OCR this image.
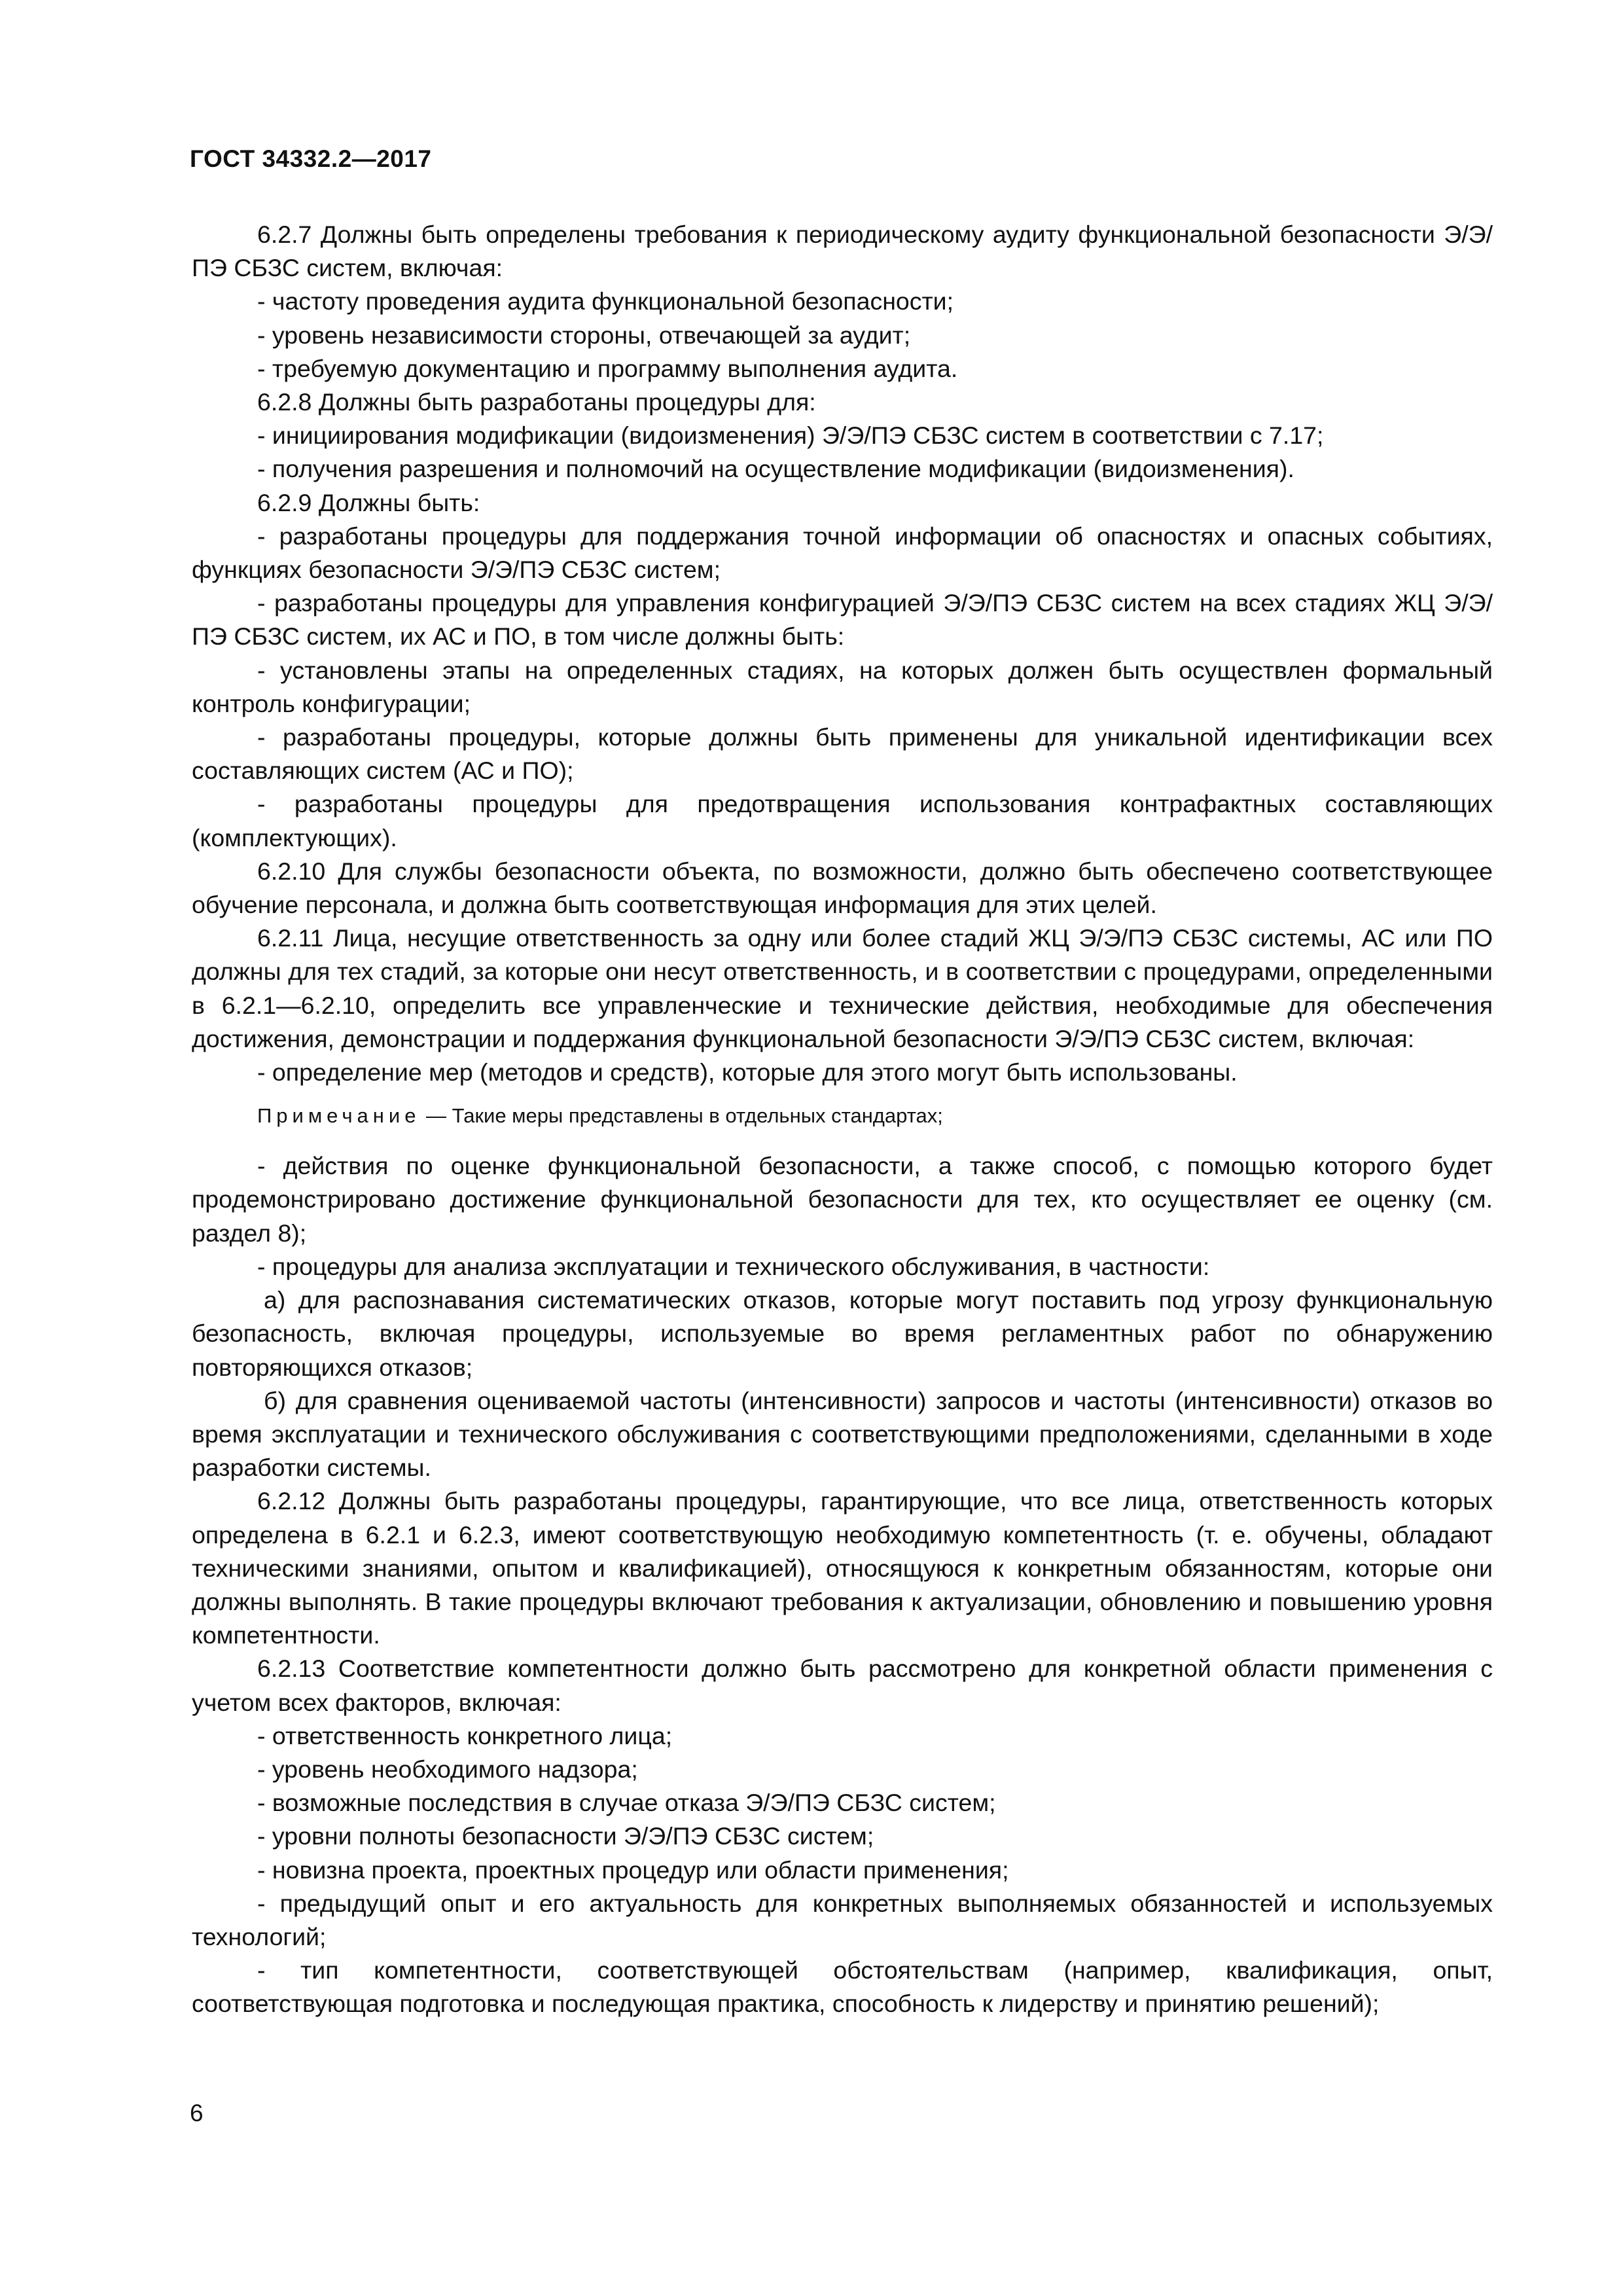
ГОСТ 34332.2—2017

6.2.7 Должны быть определены требования к периодическому аудиту функциональной безопасности Э/Э/ПЭ СБЗС систем, включая:

- частоту проведения аудита функциональной безопасности;

- уровень независимости стороны, отвечающей за аудит;

- требуемую документацию и программу выполнения аудита.

6.2.8 Должны быть разработаны процедуры для:

- инициирования модификации (видоизменения) Э/Э/ПЭ СБЗС систем в соответствии с 7.17;

- получения разрешения и полномочий на осуществление модификации (видоизменения).

6.2.9 Должны быть:

- разработаны процедуры для поддержания точной информации об опасностях и опасных событиях, функциях безопасности Э/Э/ПЭ СБЗС систем;

- разработаны процедуры для управления конфигурацией Э/Э/ПЭ СБЗС систем на всех стадиях ЖЦ Э/Э/ПЭ СБЗС систем, их АС и ПО, в том числе должны быть:

- установлены этапы на определенных стадиях, на которых должен быть осуществлен формальный контроль конфигурации;

- разработаны процедуры, которые должны быть применены для уникальной идентификации всех составляющих систем (АС и ПО);

- разработаны процедуры для предотвращения использования контрафактных составляющих (комплектующих).

6.2.10 Для службы безопасности объекта, по возможности, должно быть обеспечено соответствующее обучение персонала, и должна быть соответствующая информация для этих целей.

6.2.11 Лица, несущие ответственность за одну или более стадий ЖЦ Э/Э/ПЭ СБЗС системы, АС или ПО должны для тех стадий, за которые они несут ответственность, и в соответствии с процедурами, определенными в 6.2.1—6.2.10, определить все управленческие и технические действия, необходимые для обеспечения достижения, демонстрации и поддержания функциональной безопасности Э/Э/ПЭ СБЗС систем, включая:

- определение мер (методов и средств), которые для этого могут быть использованы.

Примечание — Такие меры представлены в отдельных стандартах;

- действия по оценке функциональной безопасности, а также способ, с помощью которого будет продемонстрировано достижение функциональной безопасности для тех, кто осуществляет ее оценку (см. раздел 8);

- процедуры для анализа эксплуатации и технического обслуживания, в частности:

а) для распознавания систематических отказов, которые могут поставить под угрозу функциональную безопасность, включая процедуры, используемые во время регламентных работ по обнаружению повторяющихся отказов;

б) для сравнения оцениваемой частоты (интенсивности) запросов и частоты (интенсивности) отказов во время эксплуатации и технического обслуживания с соответствующими предположениями, сделанными в ходе разработки системы.

6.2.12 Должны быть разработаны процедуры, гарантирующие, что все лица, ответственность которых определена в 6.2.1 и 6.2.3, имеют соответствующую необходимую компетентность (т. е. обучены, обладают техническими знаниями, опытом и квалификацией), относящуюся к конкретным обязанностям, которые они должны выполнять. В такие процедуры включают требования к актуализации, обновлению и повышению уровня компетентности.

6.2.13 Соответствие компетентности должно быть рассмотрено для конкретной области применения с учетом всех факторов, включая:

- ответственность конкретного лица;

- уровень необходимого надзора;

- возможные последствия в случае отказа Э/Э/ПЭ СБЗС систем;

- уровни полноты безопасности Э/Э/ПЭ СБЗС систем;

- новизна проекта, проектных процедур или области применения;

- предыдущий опыт и его актуальность для конкретных выполняемых обязанностей и используемых технологий;

- тип компетентности, соответствующей обстоятельствам (например, квалификация, опыт, соответствующая подготовка и последующая практика, способность к лидерству и принятию решений);

6
